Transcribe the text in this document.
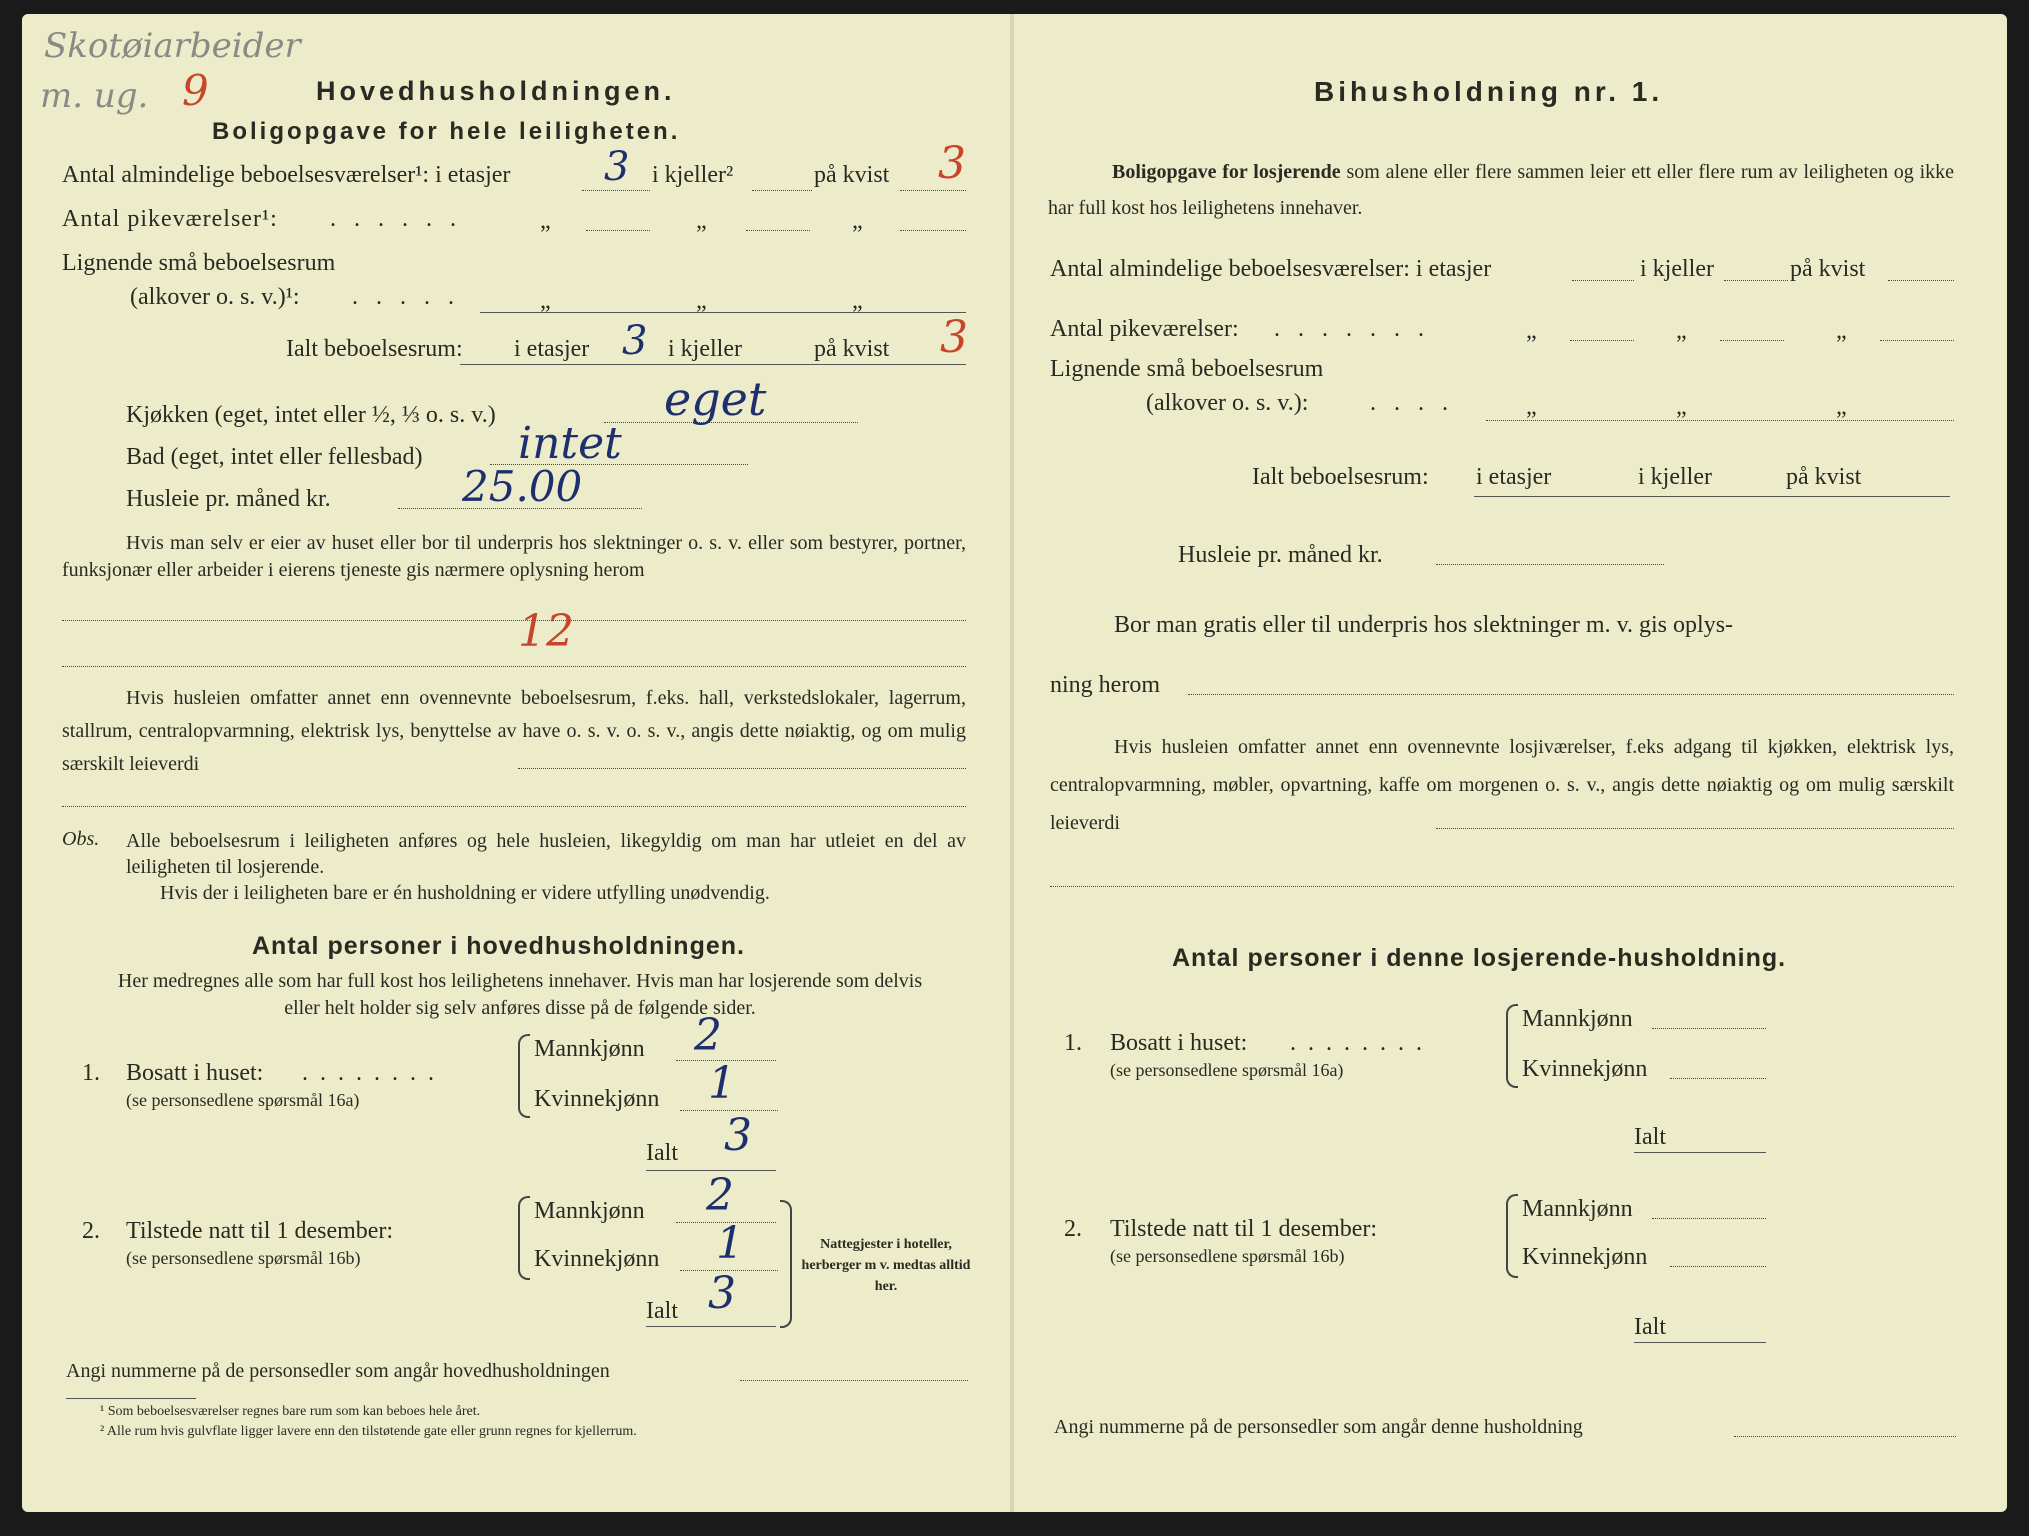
Skotøiarbeider
m. ug. 9	Hovedhusholdningen.
Boligopgave for hele leiligheten.
Antal almindelige beboelsesværelser¹: i etasjer 3 i kjeller²	på kvist 3
Antal pikeværelser¹: ......	„	„	„
Lignende små beboelsesrum
(alkover o. s. v.)¹: .....	„	„	„
Ialt beboelsesrum: i etasjer 3 i kjeller	på kvist 3
Kjøkken (eget, intet eller ½, ⅓ o. s. v.)	eget
Bad (eget, intet eller fellesbad) intet
Husleie pr. måned kr.	25.00
Hvis man selv er eier av huset eller bor til underpris hos slektninger o. s. v. eller som bestyrer, portner, funksjonær eller arbeider i eierens tjeneste gis nærmere oplysning herom
12
Hvis husleien omfatter annet enn ovennevnte beboelsesrum, f.eks. hall, verkstedslokaler, lagerrum, stallrum, centralopvarmning, elektrisk lys, benyttelse av have o. s. v. o. s. v., angis dette nøiaktig, og om mulig særskilt leieverdi
Obs. Alle beboelsesrum i leiligheten anføres og hele husleien, likegyldig om man har utleiet en del av leiligheten til losjerende.
Hvis der i leiligheten bare er én husholdning er videre utfylling unødvendig.
Antal personer i hovedhusholdningen.
Her medregnes alle som har full kost hos leilighetens innehaver. Hvis man har losjerende som delvis eller helt holder sig selv anføres disse på de følgende sider.
1. Bosatt i huset: ........
(se personsedlene spørsmål 16a)
Mannkjønn 2
Kvinnekjønn 1
Ialt 3
2. Tilstede natt til 1 desember:
(se personsedlene spørsmål 16b)
Mannkjønn 2
Kvinnekjønn 1
Ialt 3
Nattegjester i hoteller, herberger m v. medtas alltid her.
Angi nummerne på de personsedler som angår hovedhusholdningen
¹ Som beboelsesværelser regnes bare rum som kan beboes hele året.
² Alle rum hvis gulvflate ligger lavere enn den tilstøtende gate eller grunn regnes for kjellerrum.
Bihusholdning nr. 1.
Boligopgave for losjerende som alene eller flere sammen leier ett eller flere rum av leiligheten og ikke har full kost hos leilighetens innehaver.
Antal almindelige beboelsesværelser: i etasjer	i kjeller	på kvist
Antal pikeværelser: .......	„	„	„
Lignende små beboelsesrum
(alkover o. s. v.):	....	„	„	„
Ialt beboelsesrum: i etasjer	i kjeller	på kvist
Husleie pr. måned kr.
Bor man gratis eller til underpris hos slektninger m. v. gis oplys-
ning herom
Hvis husleien omfatter annet enn ovennevnte losjiværelser, f.eks adgang til kjøkken, elektrisk lys, centralopvarmning, møbler, opvartning, kaffe om morgenen o. s. v., angis dette nøiaktig og om mulig særskilt leieverdi
Antal personer i denne losjerende-husholdning.
1. Bosatt i huset: ........
(se personsedlene spørsmål 16a)
Mannkjønn
Kvinnekjønn
Ialt
2. Tilstede natt til 1 desember:
(se personsedlene spørsmål 16b)
Mannkjønn
Kvinnekjønn
Ialt
Angi nummerne på de personsedler som angår denne husholdning
